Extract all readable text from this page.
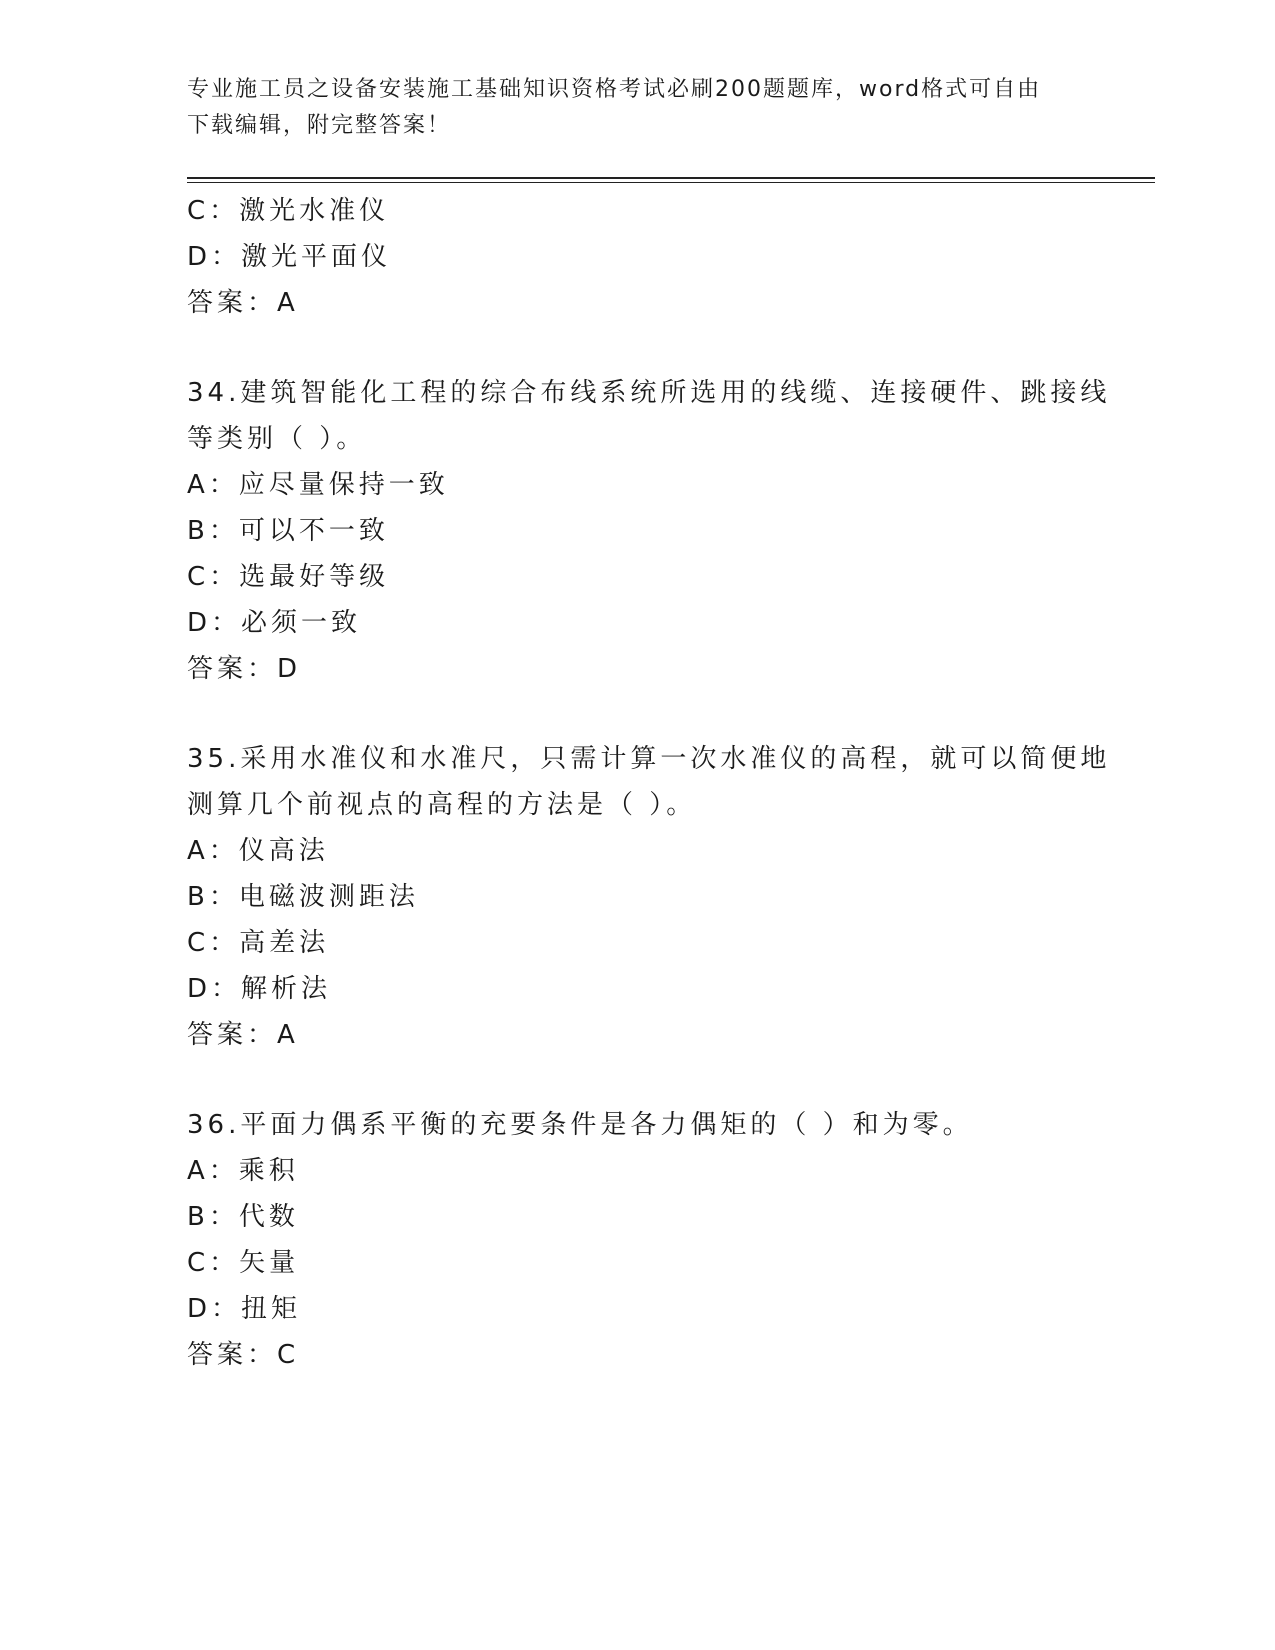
专业施工员之设备安装施工基础知识资格考试必刷200题题库，word格式可自由
下载编辑，附完整答案！
C：激光水准仪
D：激光平面仪
答案：A
34.建筑智能化工程的综合布线系统所选用的线缆、连接硬件、跳接线
等类别（ ）。
A：应尽量保持一致
B：可以不一致
C：选最好等级
D：必须一致
答案：D
35.采用水准仪和水准尺，只需计算一次水准仪的高程，就可以简便地
测算几个前视点的高程的方法是（ ）。
A：仪高法
B：电磁波测距法
C：高差法
D：解析法
答案：A
36.平面力偶系平衡的充要条件是各力偶矩的（ ）和为零。
A：乘积
B：代数
C：矢量
D：扭矩
答案：C
